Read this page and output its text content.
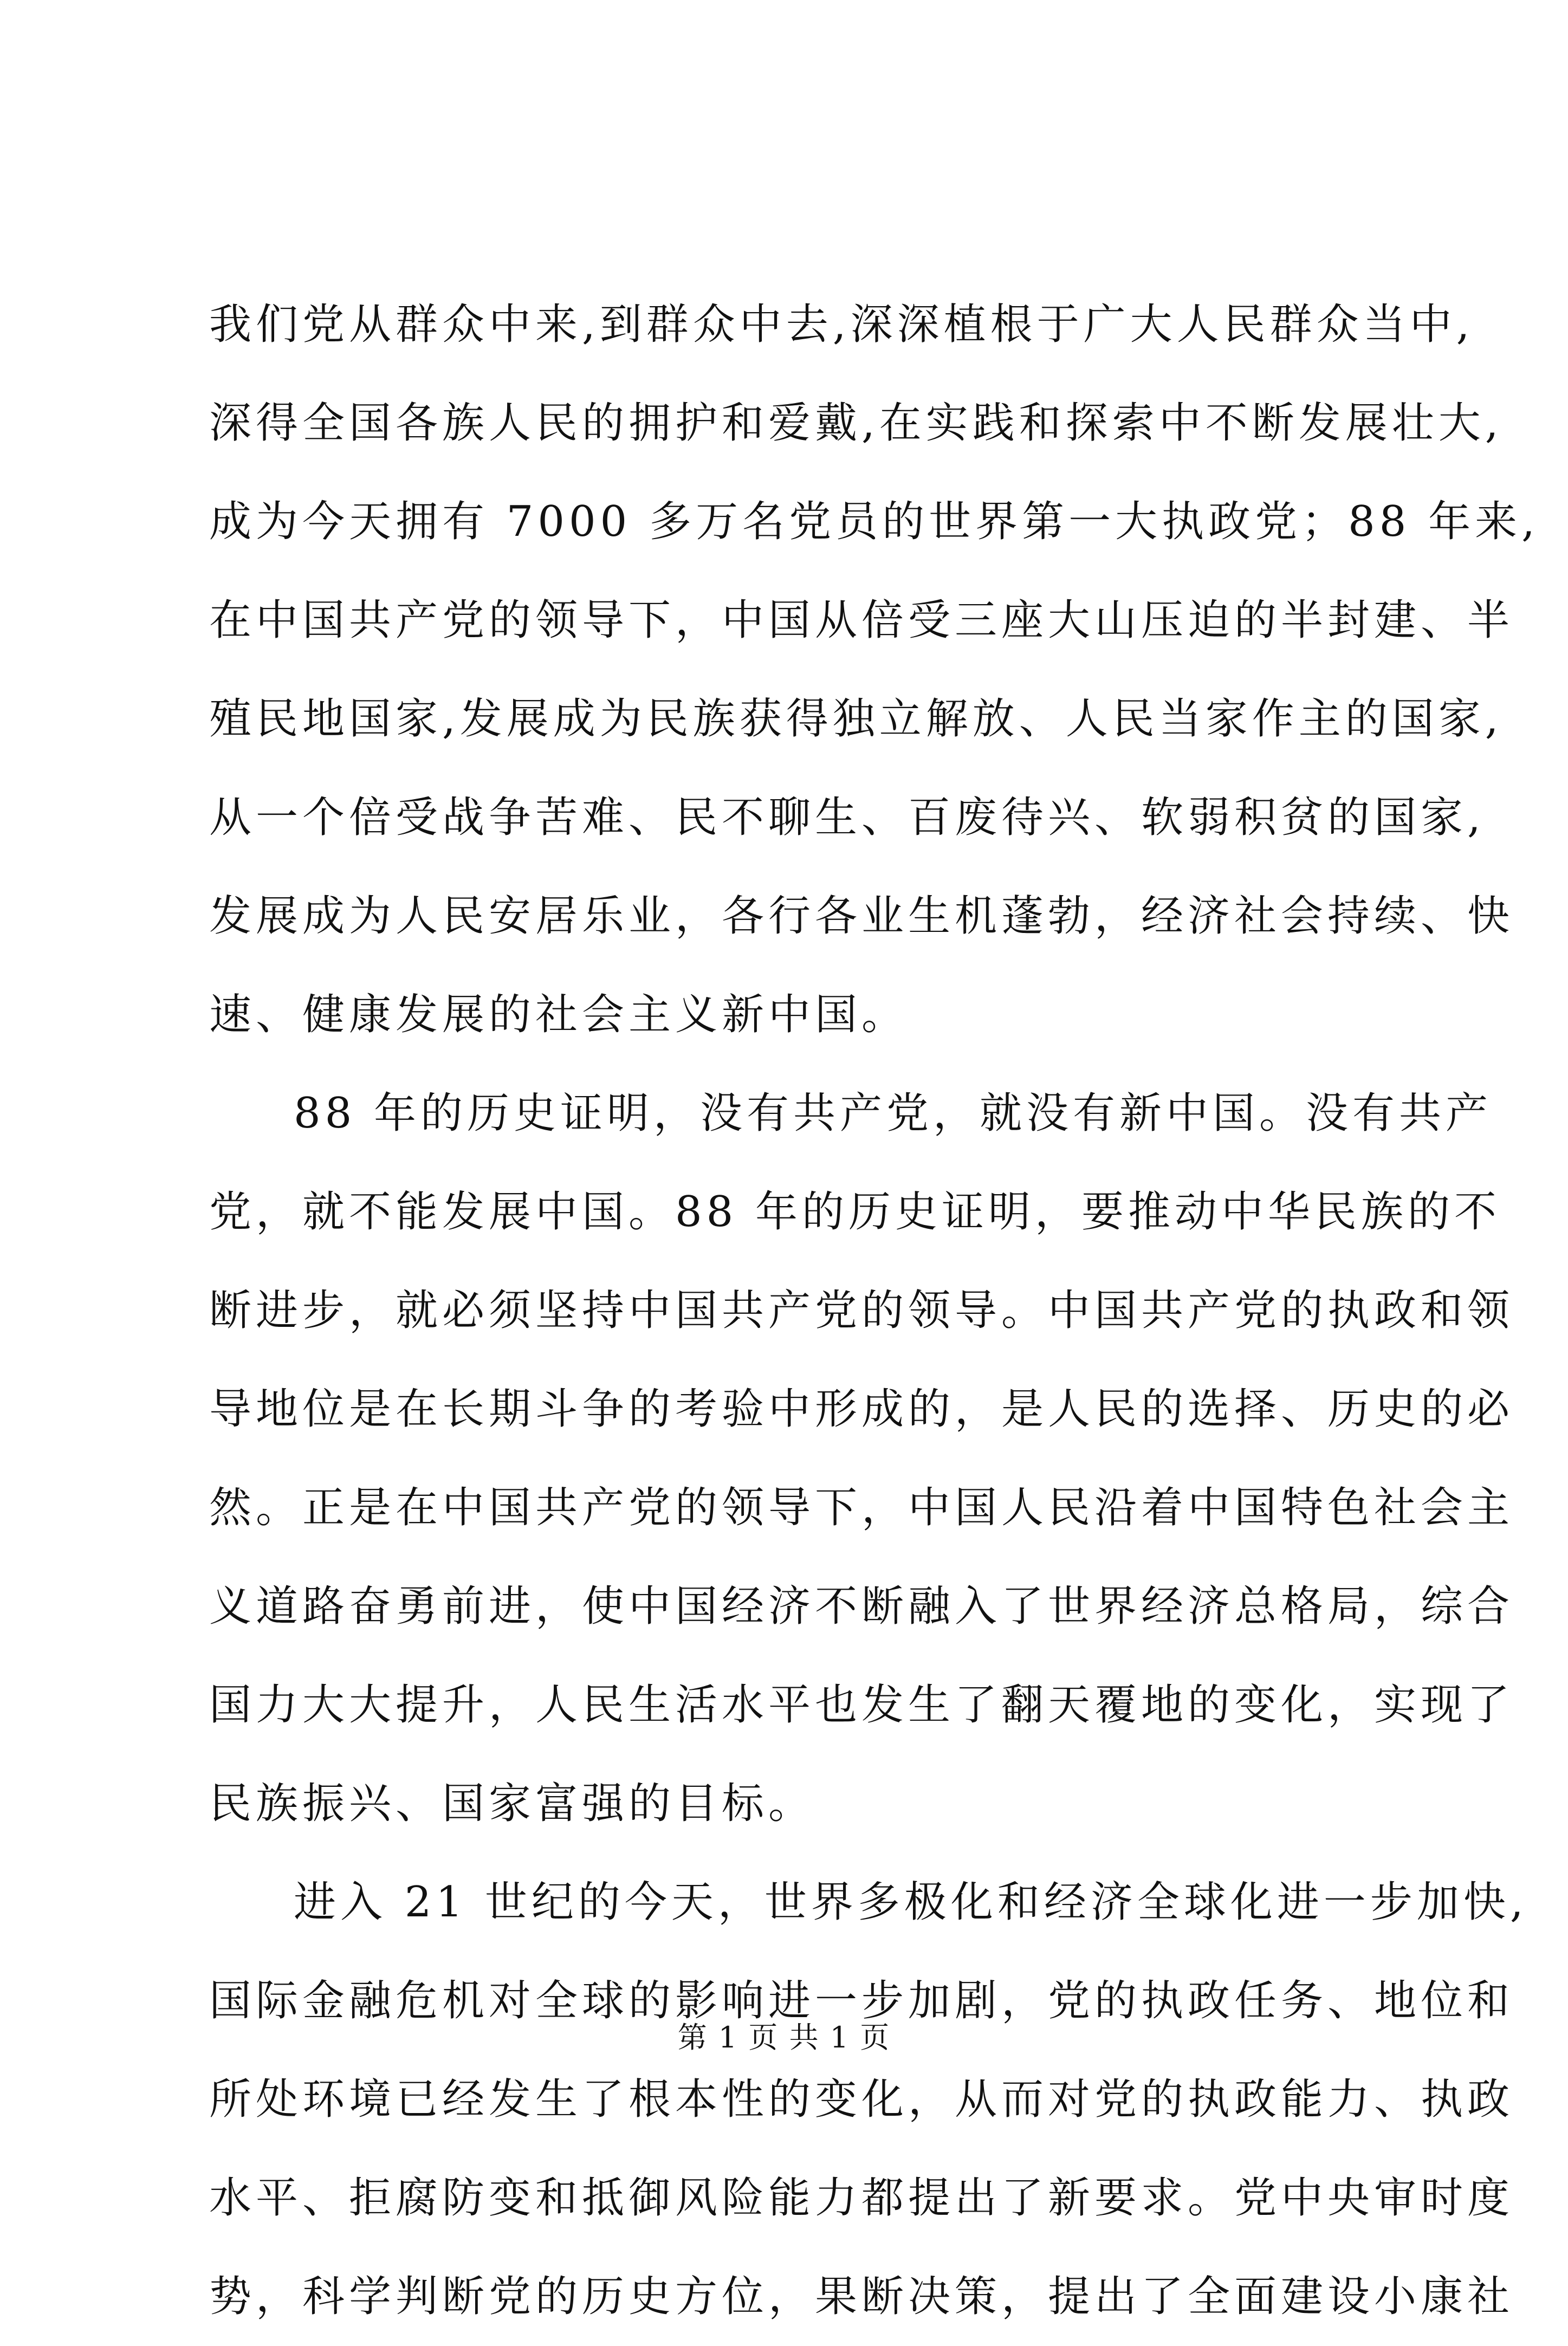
我们党从群众中来,到群众中去,深深植根于广大人民群众当中,
深得全国各族人民的拥护和爱戴,在实践和探索中不断发展壮大,
成为今天拥有 7000 多万名党员的世界第一大执政党；88 年来,
在中国共产党的领导下，中国从倍受三座大山压迫的半封建、半
殖民地国家,发展成为民族获得独立解放、人民当家作主的国家,
从一个倍受战争苦难、民不聊生、百废待兴、软弱积贫的国家,
发展成为人民安居乐业，各行各业生机蓬勃，经济社会持续、快
速、健康发展的社会主义新中国。
88 年的历史证明，没有共产党，就没有新中国。没有共产
党，就不能发展中国。88 年的历史证明，要推动中华民族的不
断进步，就必须坚持中国共产党的领导。中国共产党的执政和领
导地位是在长期斗争的考验中形成的，是人民的选择、历史的必
然。正是在中国共产党的领导下，中国人民沿着中国特色社会主
义道路奋勇前进，使中国经济不断融入了世界经济总格局，综合
国力大大提升，人民生活水平也发生了翻天覆地的变化，实现了
民族振兴、国家富强的目标。
进入 21 世纪的今天，世界多极化和经济全球化进一步加快,
国际金融危机对全球的影响进一步加剧，党的执政任务、地位和
所处环境已经发生了根本性的变化，从而对党的执政能力、执政
水平、拒腐防变和抵御风险能力都提出了新要求。党中央审时度
势，科学判断党的历史方位，果断决策，提出了全面建设小康社
第 1 页 共 1 页
